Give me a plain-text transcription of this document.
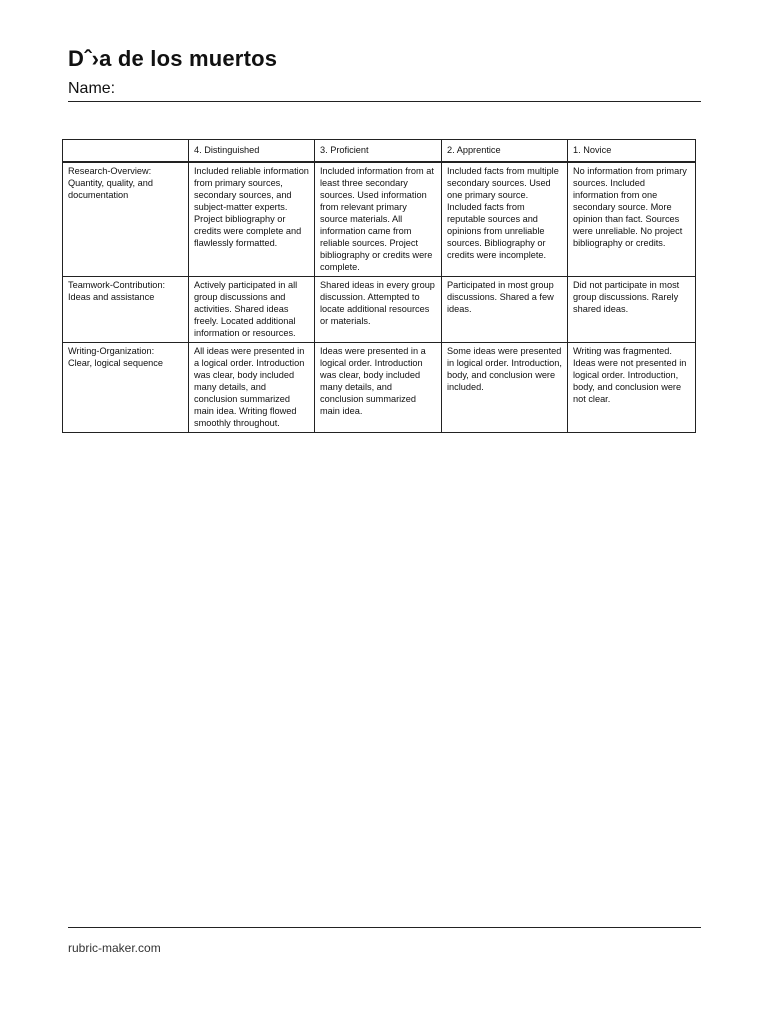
Dˆ›a de los muertos
Name:
	4. Distinguished	3. Proficient	2. Apprentice	1. Novice

Research-Overview:
Quantity, quality, and documentation	Included reliable information from primary sources, secondary sources, and subject-matter experts. Project bibliography or credits were complete and flawlessly formatted.	Included information from at least three secondary sources. Used information from relevant primary source materials. All information came from reliable sources. Project bibliography or credits were complete.	Included facts from multiple secondary sources. Used one primary source. Included facts from reputable sources and opinions from unreliable sources. Bibliography or credits were incomplete.	No information from primary sources. Included information from one secondary source. More opinion than fact. Sources were unreliable. No project bibliography or credits.

Teamwork-Contribution:
Ideas and assistance	Actively participated in all group discussions and activities. Shared ideas freely. Located additional information or resources.	Shared ideas in every group discussion. Attempted to locate additional resources or materials.	Participated in most group discussions. Shared a few ideas.	Did not participate in most group discussions. Rarely shared ideas.

Writing-Organization:
Clear, logical sequence	All ideas were presented in a logical order. Introduction was clear, body included many details, and conclusion summarized main idea. Writing flowed smoothly throughout.	Ideas were presented in a logical order. Introduction was clear, body included many details, and conclusion summarized main idea.	Some ideas were presented in logical order. Introduction, body, and conclusion were included.	Writing was fragmented. Ideas were not presented in logical order. Introduction, body, and conclusion were not clear.
rubric-maker.com
